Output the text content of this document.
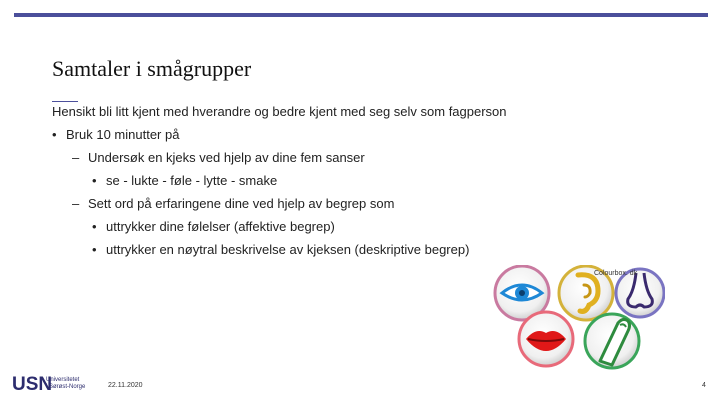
Samtaler i smågrupper
Hensikt bli litt kjent med hverandre og bedre kjent med seg selv som fagperson
• Bruk 10 minutter på
– Undersøk en kjeks ved hjelp av dine fem sanser
• se - lukte - føle - lytte - smake
– Sett ord på erfaringene dine ved hjelp av begrep som
• uttrykker dine følelser (affektive begrep)
• uttrykker en nøytral beskrivelse av kjeksen (deskriptive begrep)
Colourbox. dk
USN
Universitetet
i Sørøst-Norge	22.11.2020	4
